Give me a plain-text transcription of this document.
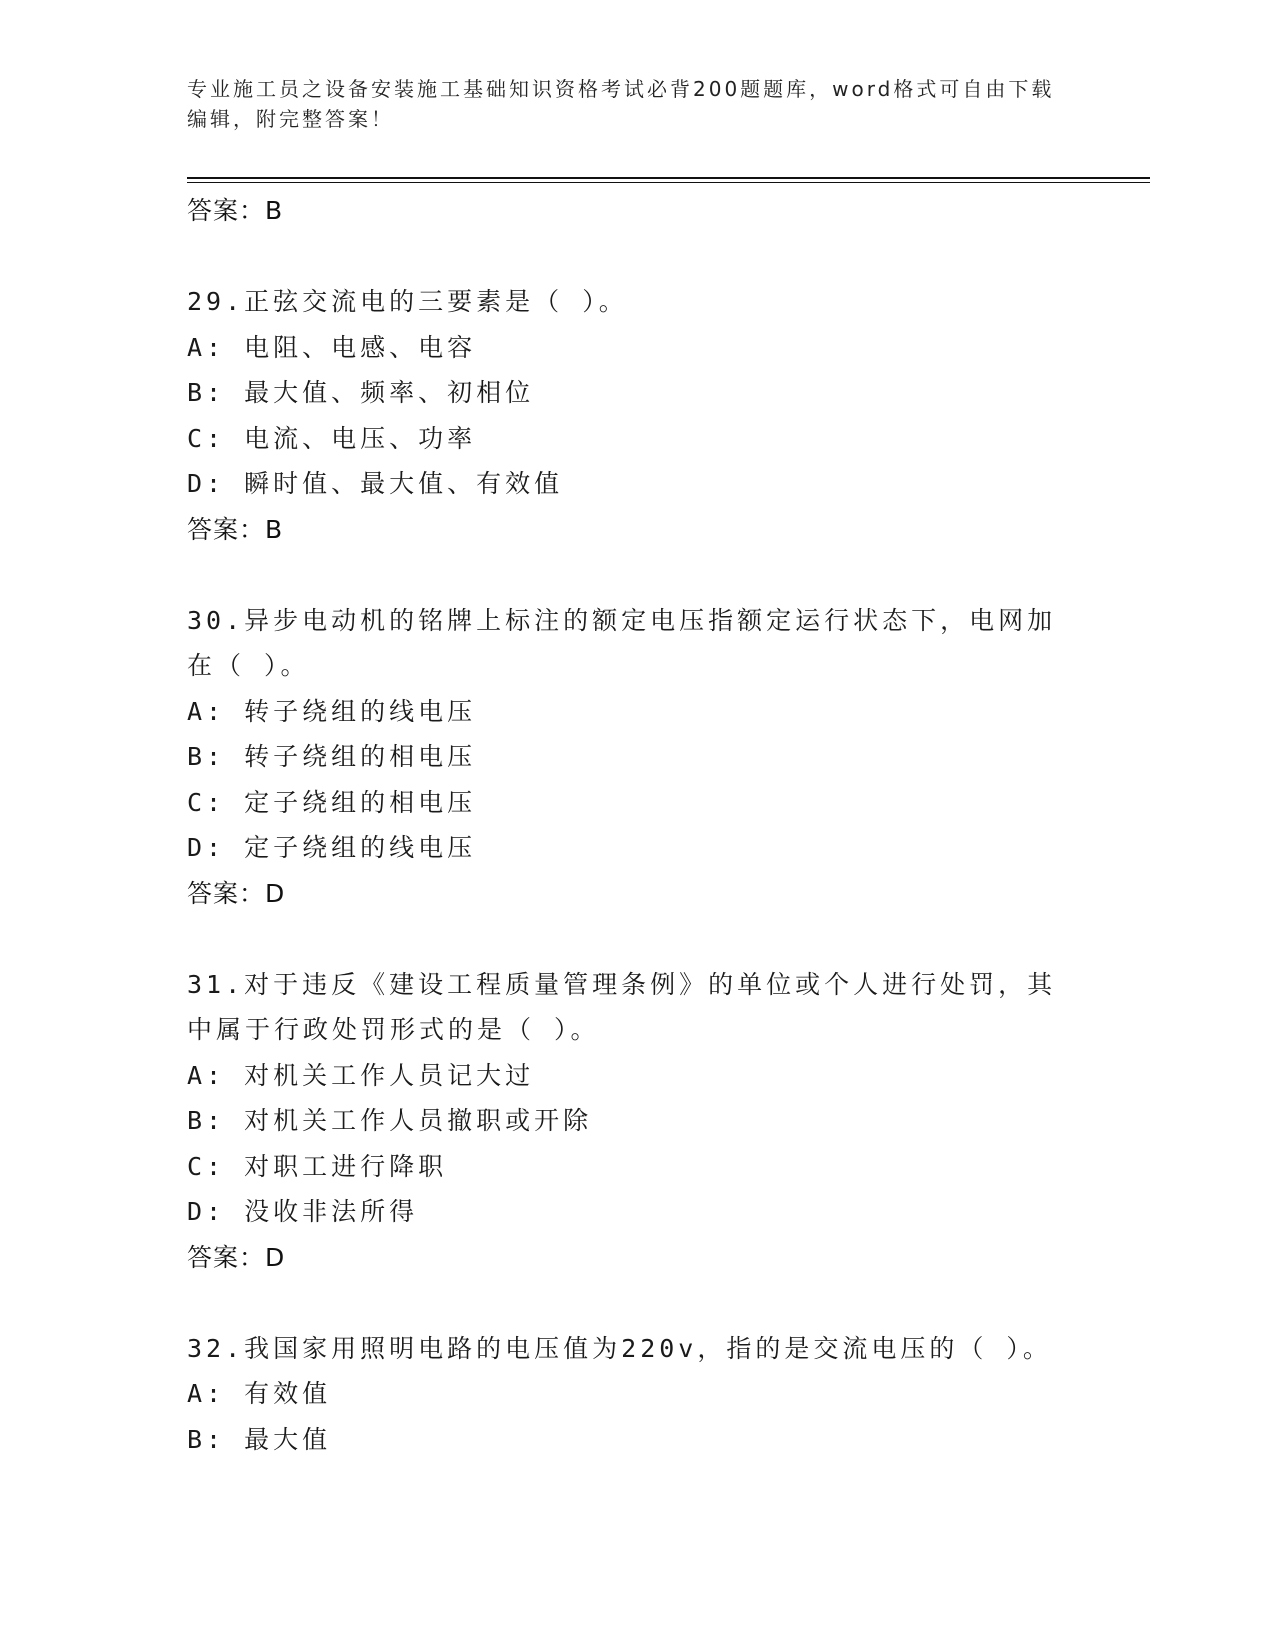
专业施工员之设备安装施工基础知识资格考试必背200题题库，word格式可自由下载编辑，附完整答案！
答案：B
29.正弦交流电的三要素是（ ）。
A: 电阻、电感、电容
B: 最大值、频率、初相位
C: 电流、电压、功率
D: 瞬时值、最大值、有效值
答案：B
30.异步电动机的铭牌上标注的额定电压指额定运行状态下，电网加在（ ）。
A: 转子绕组的线电压
B: 转子绕组的相电压
C: 定子绕组的相电压
D: 定子绕组的线电压
答案：D
31.对于违反《建设工程质量管理条例》的单位或个人进行处罚，其中属于行政处罚形式的是（ ）。
A: 对机关工作人员记大过
B: 对机关工作人员撤职或开除
C: 对职工进行降职
D: 没收非法所得
答案：D
32.我国家用照明电路的电压值为220v，指的是交流电压的（ ）。
A: 有效值
B: 最大值
